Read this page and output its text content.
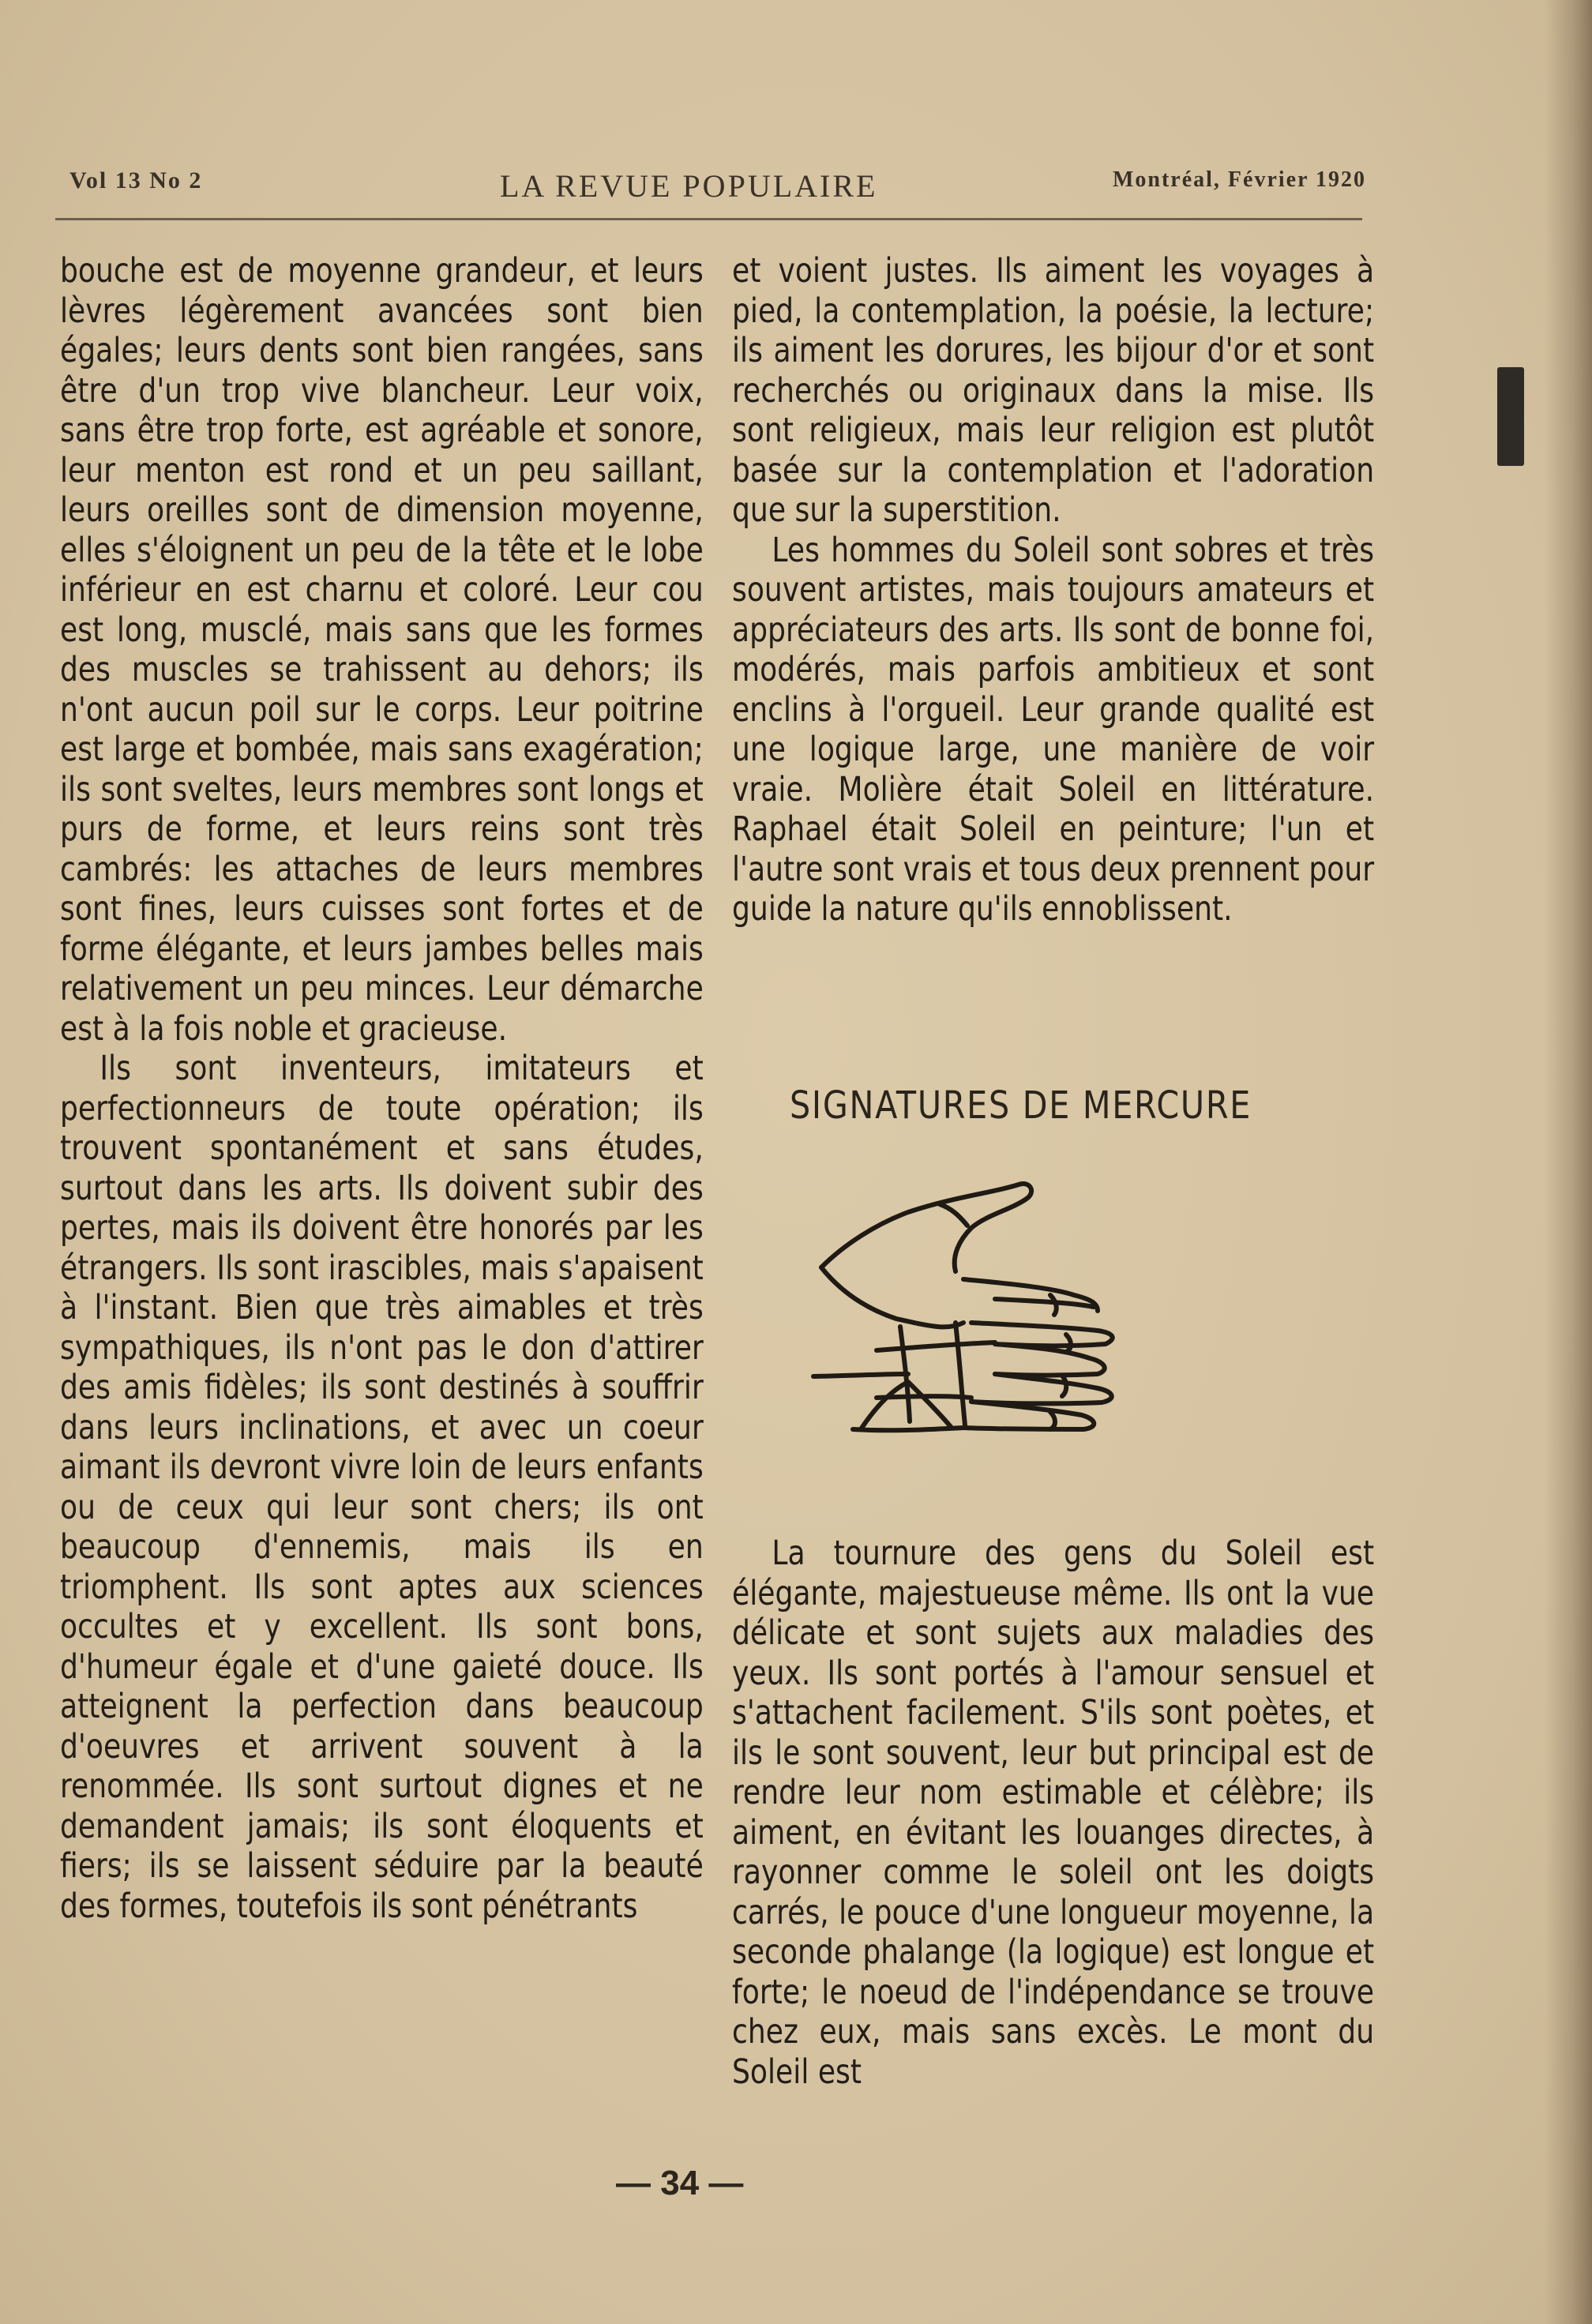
Vol 13 No 2	LA REVUE POPULAIRE	Montréal, Février 1920

bouche est de moyenne grandeur, et leurs lèvres légèrement avancées sont bien égales; leurs dents sont bien rangées, sans être d'un trop vive blancheur. Leur voix, sans être trop forte, est agréable et sonore, leur menton est rond et un peu saillant, leurs oreilles sont de dimension moyenne, elles s'éloignent un peu de la tête et le lobe inférieur en est charnu et coloré. Leur cou est long, musclé, mais sans que les formes des muscles se trahissent au dehors; ils n'ont aucun poil sur le corps. Leur poitrine est large et bombée, mais sans exagération; ils sont sveltes, leurs membres sont longs et purs de forme, et leurs reins sont très cambrés: les attaches de leurs membres sont fines, leurs cuisses sont fortes et de forme élégante, et leurs jambes belles mais relativement un peu minces. Leur démarche est à la fois noble et gracieuse.

Ils sont inventeurs, imitateurs et perfectionneurs de toute opération; ils trouvent spontanément et sans études, surtout dans les arts. Ils doivent subir des pertes, mais ils doivent être honorés par les étrangers. Ils sont irascibles, mais s'apaisent à l'instant. Bien que très aimables et très sympathiques, ils n'ont pas le don d'attirer des amis fidèles; ils sont destinés à souffrir dans leurs inclinations, et avec un coeur aimant ils devront vivre loin de leurs enfants ou de ceux qui leur sont chers; ils ont beaucoup d'ennemis, mais ils en triomphent. Ils sont aptes aux sciences occultes et y excellent. Ils sont bons, d'humeur égale et d'une gaieté douce. Ils atteignent la perfection dans beaucoup d'oeuvres et arrivent souvent à la renommée. Ils sont surtout dignes et ne demandent jamais; ils sont éloquents et fiers; ils se laissent séduire par la beauté des formes, toutefois ils sont pénétrants

et voient justes. Ils aiment les voyages à pied, la contemplation, la poésie, la lecture; ils aiment les dorures, les bijour d'or et sont recherchés ou originaux dans la mise. Ils sont religieux, mais leur religion est plutôt basée sur la contemplation et l'adoration que sur la superstition.

Les hommes du Soleil sont sobres et très souvent artistes, mais toujours amateurs et appréciateurs des arts. Ils sont de bonne foi, modérés, mais parfois ambitieux et sont enclins à l'orgueil. Leur grande qualité est une logique large, une manière de voir vraie. Molière était Soleil en littérature. Raphael était Soleil en peinture; l'un et l'autre sont vrais et tous deux prennent pour guide la nature qu'ils ennoblissent.

SIGNATURES DE MERCURE

La tournure des gens du Soleil est élégante, majestueuse même. Ils ont la vue délicate et sont sujets aux maladies des yeux. Ils sont portés à l'amour sensuel et s'attachent facilement. S'ils sont poètes, et ils le sont souvent, leur but principal est de rendre leur nom estimable et célèbre; ils aiment, en évitant les louanges directes, à rayonner comme le soleil ont les doigts carrés, le pouce d'une longueur moyenne, la seconde phalange (la logique) est longue et forte; le noeud de l'indépendance se trouve chez eux, mais sans excès. Le mont du Soleil est

— 34 —
